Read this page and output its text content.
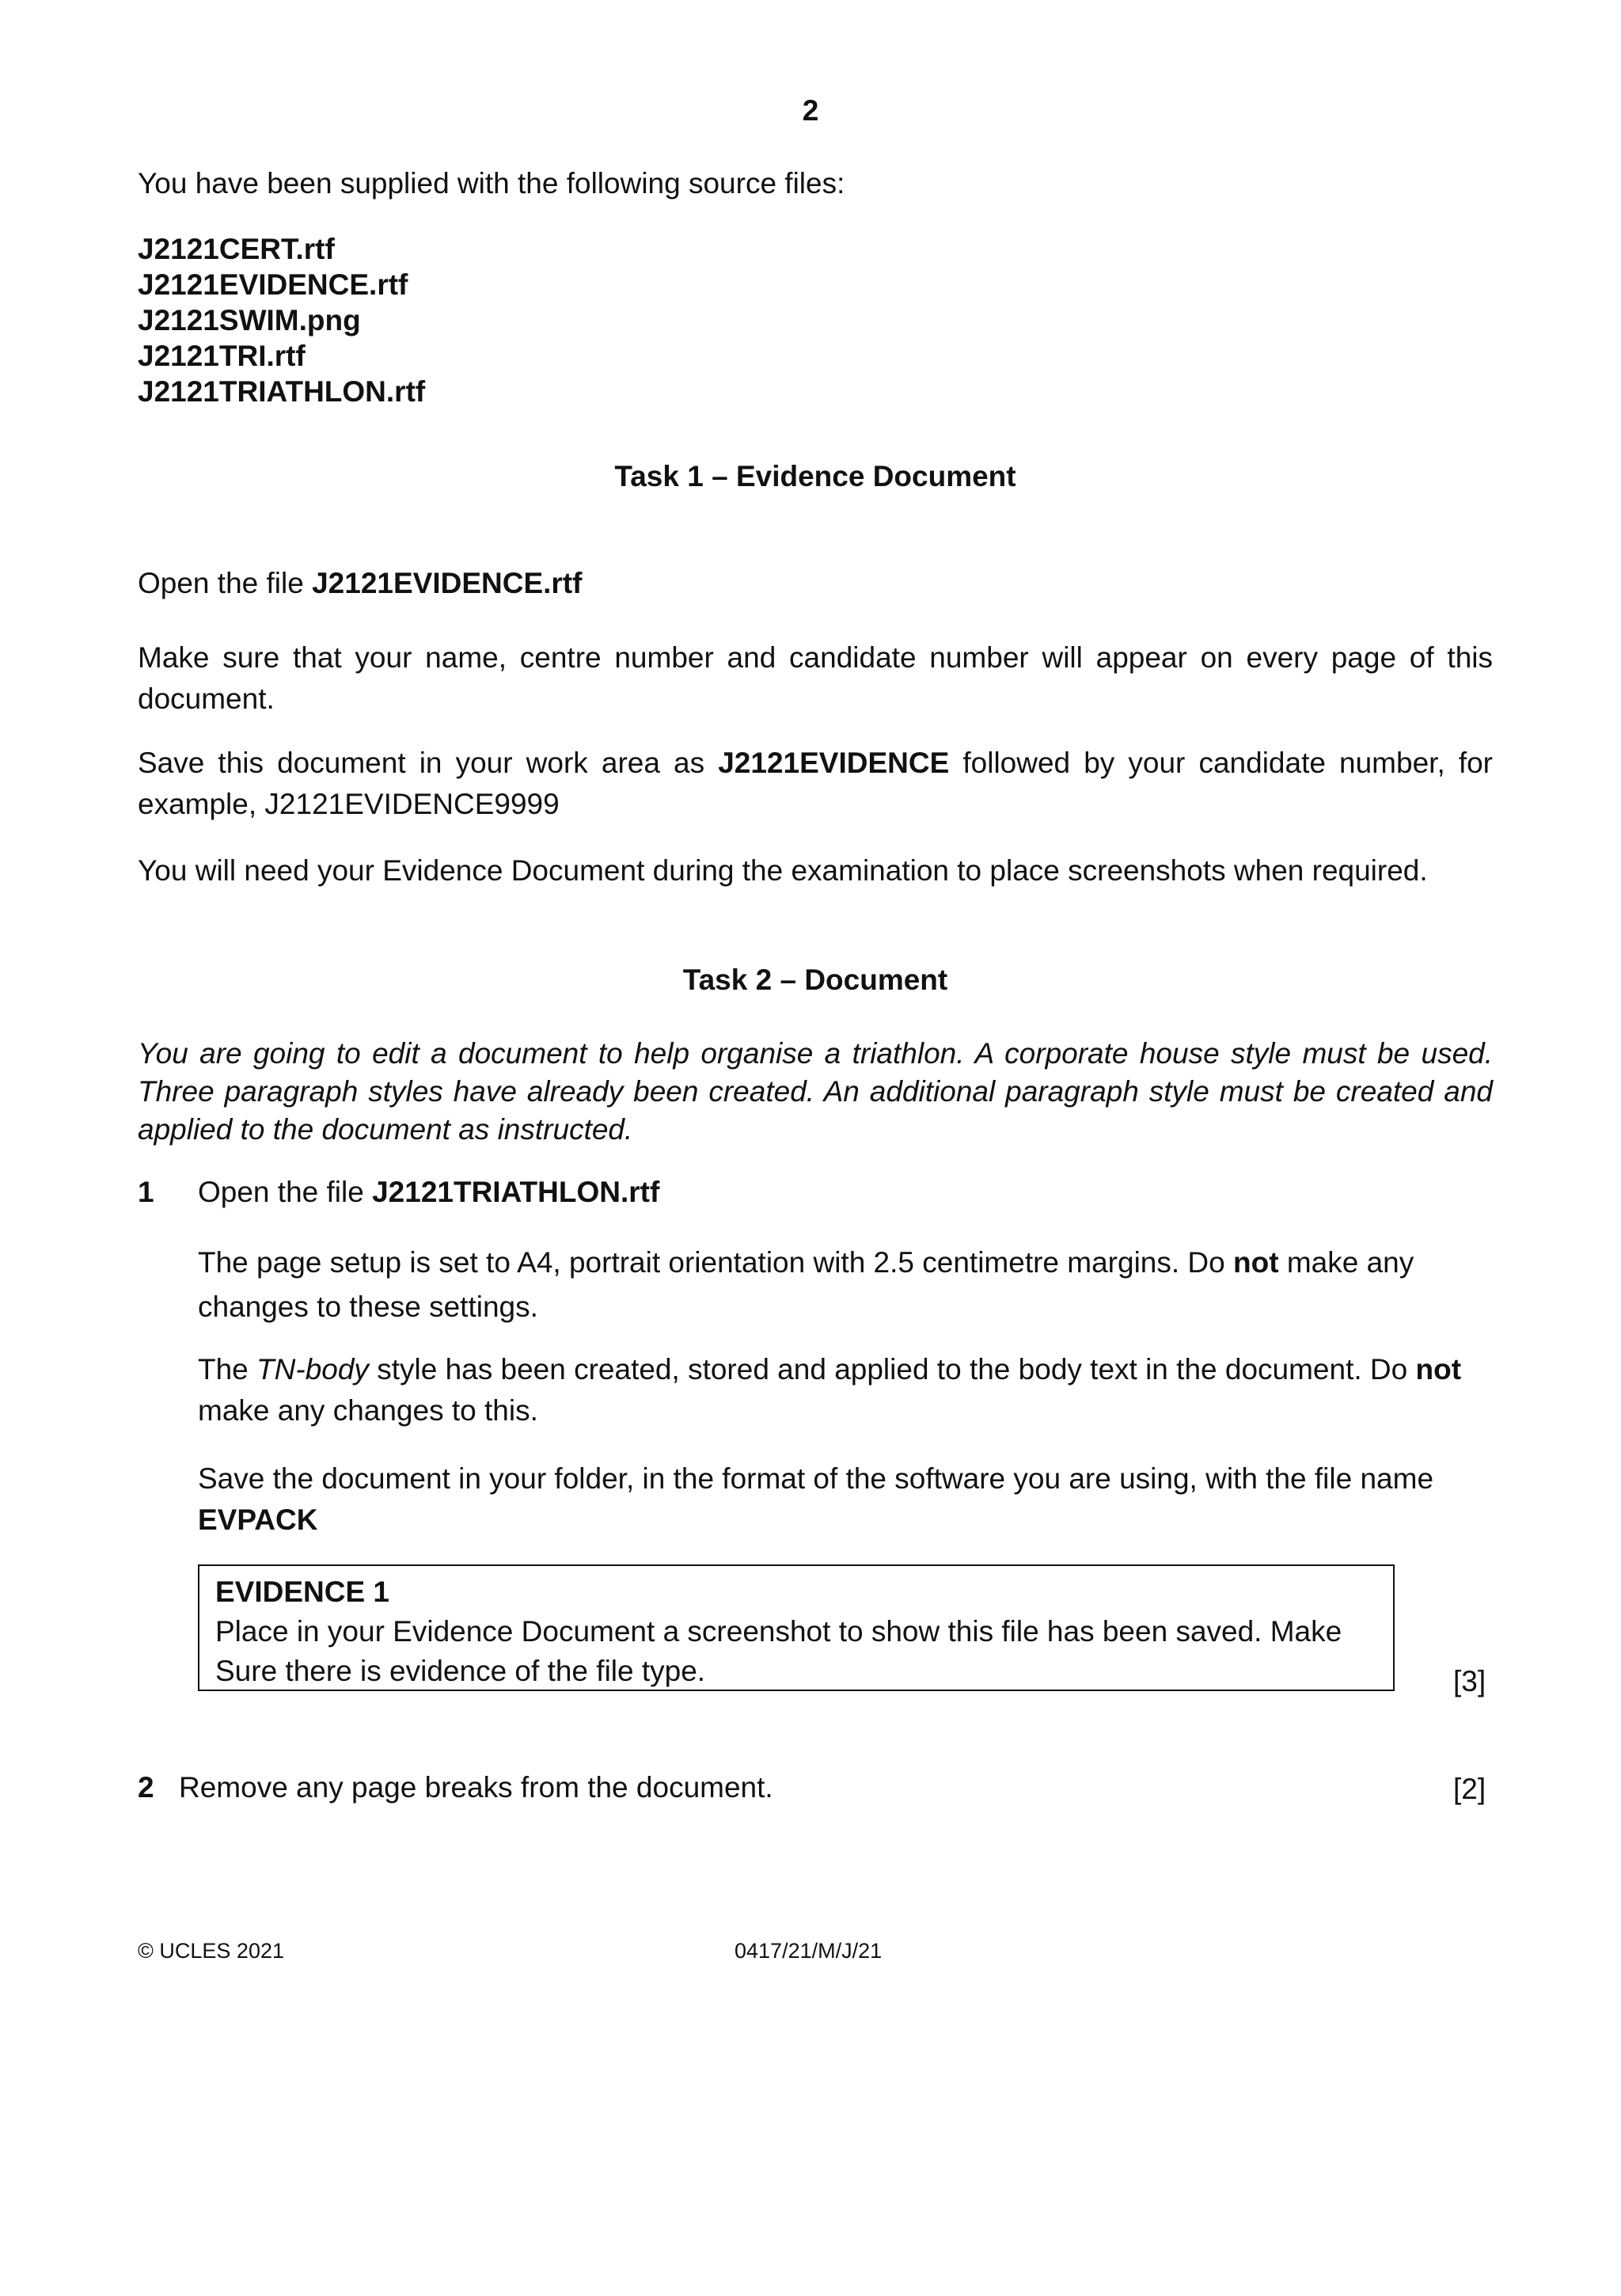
2
You have been supplied with the following source files:
J2121CERT.rtf
J2121EVIDENCE.rtf
J2121SWIM.png
J2121TRI.rtf
J2121TRIATHLON.rtf
Task 1 – Evidence Document
Open the file J2121EVIDENCE.rtf
Make sure that your name, centre number and candidate number will appear on every page of this document.
Save this document in your work area as J2121EVIDENCE followed by your candidate number, for example, J2121EVIDENCE9999
You will need your Evidence Document during the examination to place screenshots when required.
Task 2 – Document
You are going to edit a document to help organise a triathlon. A corporate house style must be used. Three paragraph styles have already been created. An additional paragraph style must be created and applied to the document as instructed.
1 Open the file J2121TRIATHLON.rtf
The page setup is set to A4, portrait orientation with 2.5 centimetre margins. Do not make any changes to these settings.
The TN-body style has been created, stored and applied to the body text in the document. Do not make any changes to this.
Save the document in your folder, in the format of the software you are using, with the file name
EVPACK
EVIDENCE 1
Place in your Evidence Document a screenshot to show this file has been saved. Make Sure there is evidence of the file type.	[3]
2 Remove any page breaks from the document.	[2]
© UCLES 2021	0417/21/M/J/21
